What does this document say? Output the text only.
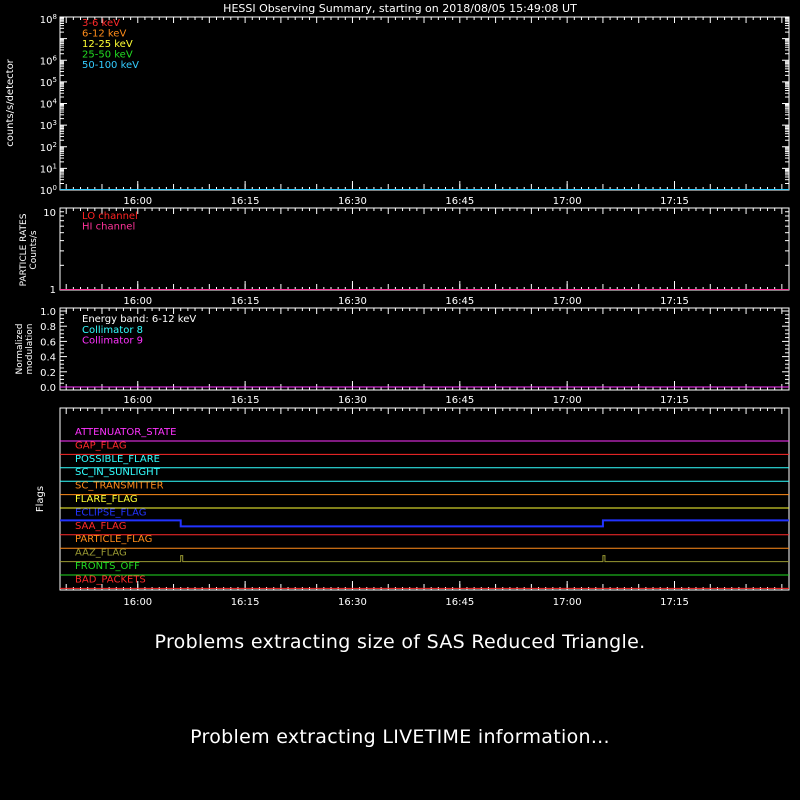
HESSI Observing Summary, starting on 2018/08/05 15:49:08 UT
$10^0$
$10^1$
$10^2$
$10^3$
$10^4$
$10^5$
$10^6$
$10^8$
16:00	16:15	16:30	16:45	17:00	17:15
counts/s/detector
3-6 keV
6-12 keV
12-25 keV
25-50 keV
50-100 keV
1
10
16:00	16:15	16:30	16:45	17:00	17:15
PARTICLE RATES Counts/s
LO channel
HI channel
0.0
0.2
0.4
0.6
0.8
1.0
16:00	16:15	16:30	16:45	17:00	17:15
Normalized modulation
Energy band: 6-12 keV
Collimator 8
Collimator 9
16:00	16:15	16:30	16:45	17:00	17:15
Flags
ATTENUATOR_STATE
GAP_FLAG
POSSIBLE_FLARE
SC_IN_SUNLIGHT
SC_TRANSMITTER
FLARE_FLAG
ECLIPSE_FLAG
SAA_FLAG
PARTICLE_FLAG
AAZ_FLAG
FRONTS_OFF
BAD_PACKETS
Problems extracting size of SAS Reduced Triangle.
Problem extracting LIVETIME information...
